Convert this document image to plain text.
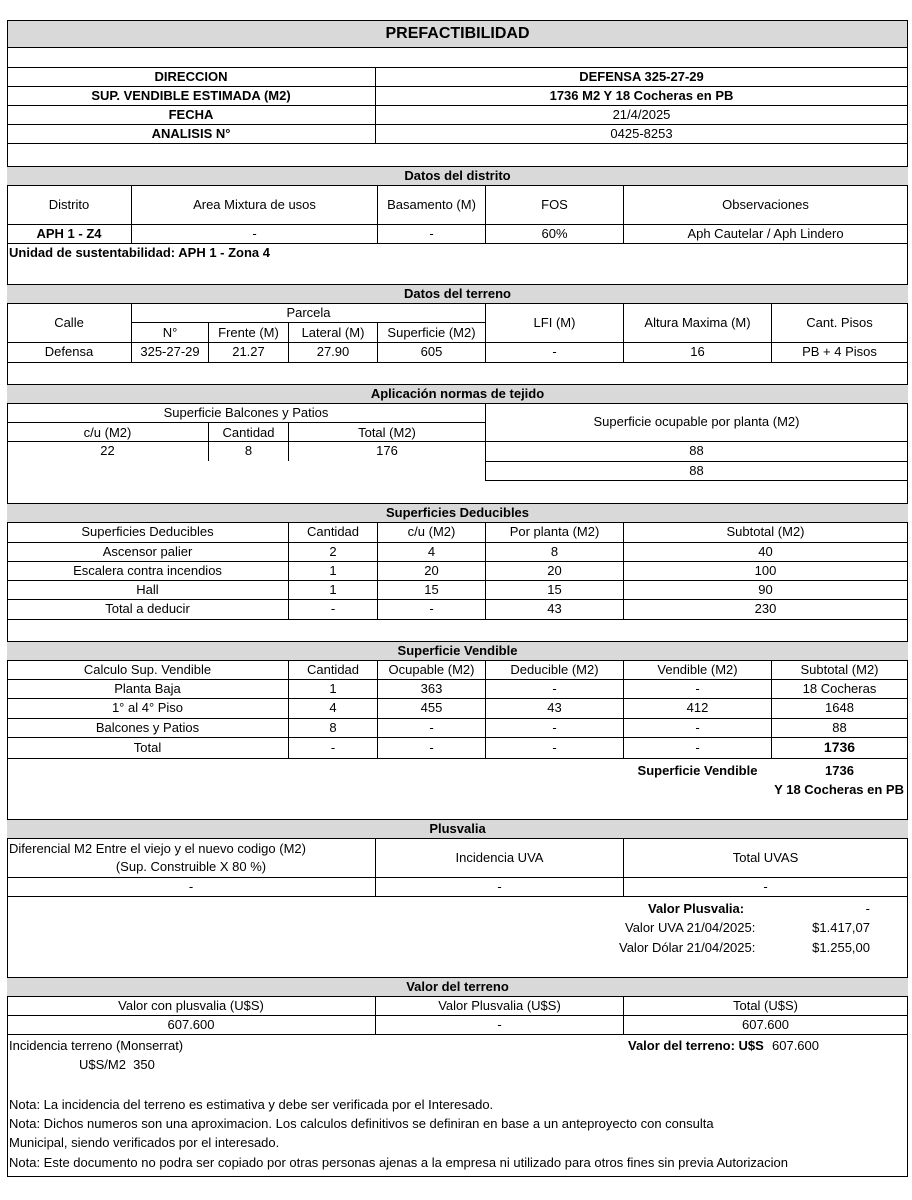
PREFACTIBILIDAD
DIRECCION	DEFENSA 325-27-29
SUP. VENDIBLE ESTIMADA (M2)	1736 M2 Y 18 Cocheras en PB
FECHA	21/4/2025
ANALISIS N°	0425-8253
Datos del distrito
Distrito	Area Mixtura de usos	Basamento (M)	FOS	Observaciones
APH 1 - Z4	-	-	60%	Aph Cautelar / Aph Lindero
Unidad de sustentabilidad: APH 1 - Zona 4
Datos del terreno
Calle
Parcela
N°	Frente (M)	Lateral (M)	Superficie (M2)
LFI (M)	Altura Maxima (M)	Cant. Pisos
Defensa	325-27-29	21.27	27.90	605	-	16	PB + 4 Pisos
Aplicación normas de tejido
Superficie Balcones y Patios
c/u (M2)	Cantidad	Total (M2)
Superficie ocupable por planta (M2)
22	8	176	88
88
Superficies Deducibles
Superficies Deducibles	Cantidad	c/u (M2)	Por planta (M2)	Subtotal (M2)
Ascensor palier	2	4	8	40
Escalera contra incendios	1	20	20	100
Hall	1	15	15	90
Total a deducir	-	-	43	230
Superficie Vendible
Calculo Sup. Vendible	Cantidad	Ocupable (M2)	Deducible (M2)	Vendible (M2)	Subtotal (M2)
Planta Baja	1	363	-	-	18 Cocheras
1° al 4° Piso	4	455	43	412	1648
Balcones y Patios	8	-	-	-	88
Total	-	-	-	-	1736
Superficie Vendible	1736
Y 18 Cocheras en PB
Plusvalia
Diferencial M2 Entre el viejo y el nuevo codigo (M2)
(Sup. Construible X 80 %)
Incidencia UVA	Total UVAS
-	-	-
Valor Plusvalia:	-
Valor UVA 21/04/2025:	$1.417,07
Valor Dólar 21/04/2025:	$1.255,00
Valor del terreno
Valor con plusvalia (U$S)	Valor Plusvalia (U$S)	Total (U$S)
607.600	-	607.600
Incidencia terreno (Monserrat)
U$S/M2  350
Valor del terreno: U$S 607.600
Nota: La incidencia del terreno es estimativa y debe ser verificada por el Interesado.
Nota: Dichos numeros son una aproximacion. Los calculos definitivos se definiran en base a un anteproyecto con consulta
Municipal, siendo verificados por el interesado.
Nota: Este documento no podra ser copiado por otras personas ajenas a la empresa ni utilizado para otros fines sin previa Autorizacion
